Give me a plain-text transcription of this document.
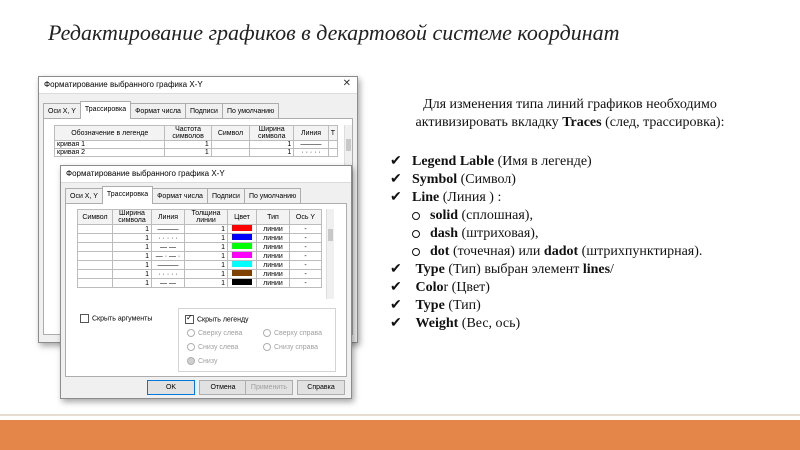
Редактирование графиков в декартовой системе координат
Форматирование выбранного графика X-Y	✕
Оси X, Y	Трассировка	Формат числа	Подписи	По умолчанию
Обозначение в легенде	Частота символов	Символ	Ширина символа	Линия	Т
кривая 1	1		1	———	
кривая 2	1		1	· · · · ·	
Форматирование выбранного графика X-Y
Оси X, Y	Трассировка	Формат числа	Подписи	По умолчанию
Символ	Ширина символа	Линия	Толщина линии	Цвет	Тип	Ось Y
	1	———	1		линии	-
	1	· · · · ·	1		линии	-
	1	— —	1		линии	-
	1	— · — ·	1		линии	-
	1	———	1		линии	-
	1	· · · · ·	1		линии	-
	1	— —	1		линии	-
Скрыть аргументы ✓	Скрыть легенду
Сверху слева	Сверху справа
Снизу слева	Снизу справа
Снизу
OK	Отмена	Применить	Справка
Для изменения типа линий графиков необходимо
активизировать вкладку Traces (след, трассировка):
✔ Legend Lable (Имя в легенде)
✔ Symbol (Символ)
✔ Line (Линия ) :
solid (сплошная),
dash (штриховая),
dot (точечная) или dadot (штрихпунктирная).
✔ Type (Тип) выбран элемент lines/
✔ Color (Цвет)
✔ Type (Тип)
✔ Weight (Вес, ось)
